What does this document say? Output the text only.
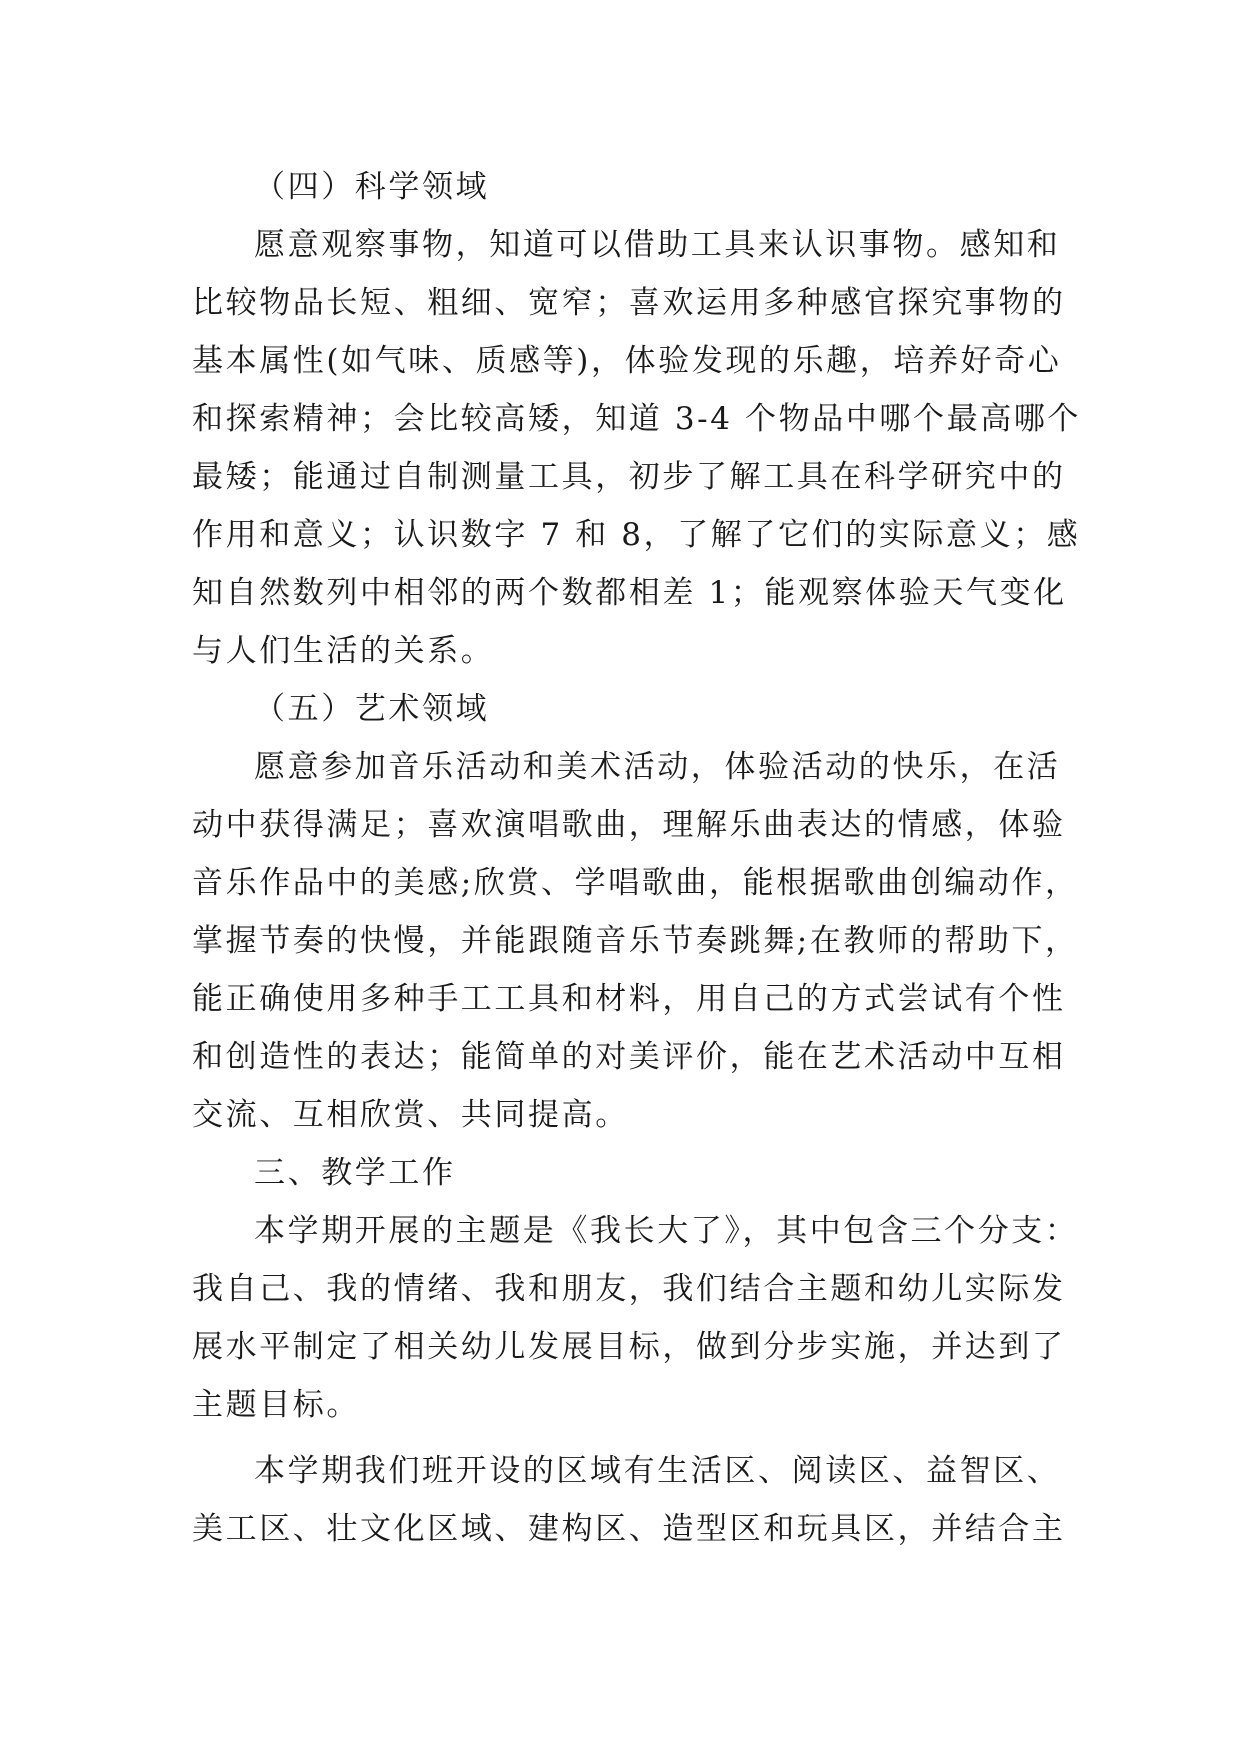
（四）科学领域
愿意观察事物，知道可以借助工具来认识事物。感知和
比较物品长短、粗细、宽窄；喜欢运用多种感官探究事物的
基本属性(如气味、质感等)，体验发现的乐趣，培养好奇心
和探索精神；会比较高矮，知道 3-4 个物品中哪个最高哪个
最矮；能通过自制测量工具，初步了解工具在科学研究中的
作用和意义；认识数字 7 和 8，了解了它们的实际意义；感
知自然数列中相邻的两个数都相差 1；能观察体验天气变化
与人们生活的关系。
（五）艺术领域
愿意参加音乐活动和美术活动，体验活动的快乐，在活
动中获得满足；喜欢演唱歌曲，理解乐曲表达的情感，体验
音乐作品中的美感;欣赏、学唱歌曲，能根据歌曲创编动作，
掌握节奏的快慢，并能跟随音乐节奏跳舞;在教师的帮助下，
能正确使用多种手工工具和材料，用自己的方式尝试有个性
和创造性的表达；能简单的对美评价，能在艺术活动中互相
交流、互相欣赏、共同提高。
三、教学工作
本学期开展的主题是《我长大了》，其中包含三个分支：
我自己、我的情绪、我和朋友，我们结合主题和幼儿实际发
展水平制定了相关幼儿发展目标，做到分步实施，并达到了
主题目标。
本学期我们班开设的区域有生活区、阅读区、益智区、
美工区、壮文化区域、建构区、造型区和玩具区，并结合主
